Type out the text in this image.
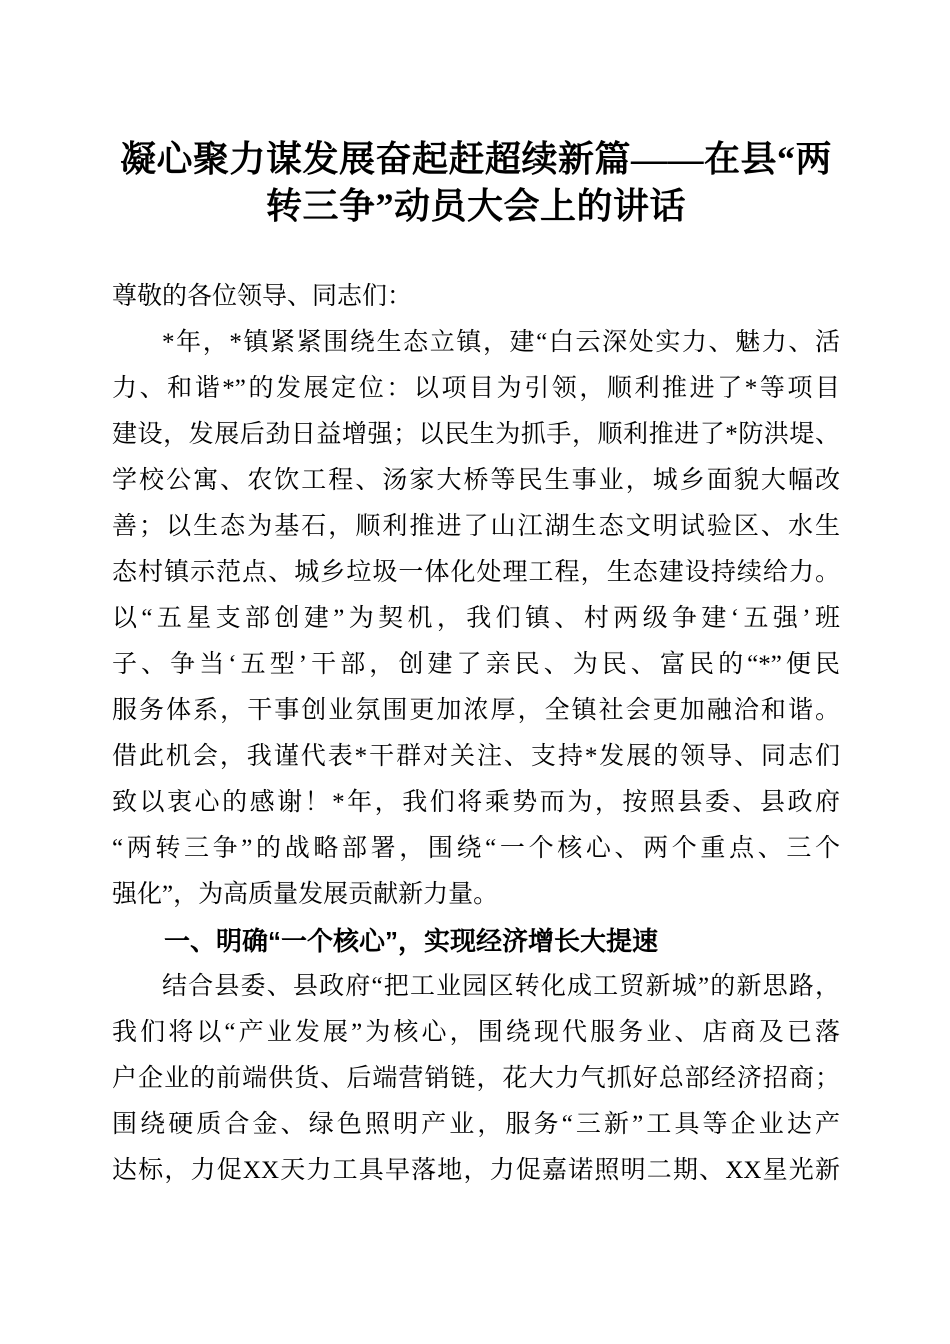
凝心聚力谋发展奋起赶超续新篇——在县“两
转三争”动员大会上的讲话
尊敬的各位领导、同志们：
*年，*镇紧紧围绕生态立镇，建“白云深处实力、魅力、活
力、和谐*”的发展定位：以项目为引领，顺利推进了*等项目
建设，发展后劲日益增强；以民生为抓手，顺利推进了*防洪堤、
学校公寓、农饮工程、汤家大桥等民生事业，城乡面貌大幅改
善；以生态为基石，顺利推进了山江湖生态文明试验区、水生
态村镇示范点、城乡垃圾一体化处理工程，生态建设持续给力。
以“五星支部创建”为契机，我们镇、村两级争建‘五强’班
子、争当‘五型’干部，创建了亲民、为民、富民的“*”便民
服务体系，干事创业氛围更加浓厚，全镇社会更加融洽和谐。
借此机会，我谨代表*干群对关注、支持*发展的领导、同志们
致以衷心的感谢！*年，我们将乘势而为，按照县委、县政府
“两转三争”的战略部署，围绕“一个核心、两个重点、三个
强化”，为高质量发展贡献新力量。
一、明确“一个核心”，实现经济增长大提速
结合县委、县政府“把工业园区转化成工贸新城”的新思路，
我们将以“产业发展”为核心，围绕现代服务业、店商及已落
户企业的前端供货、后端营销链，花大力气抓好总部经济招商；
围绕硬质合金、绿色照明产业，服务“三新”工具等企业达产
达标，力促XX天力工具早落地，力促嘉诺照明二期、XX星光新
